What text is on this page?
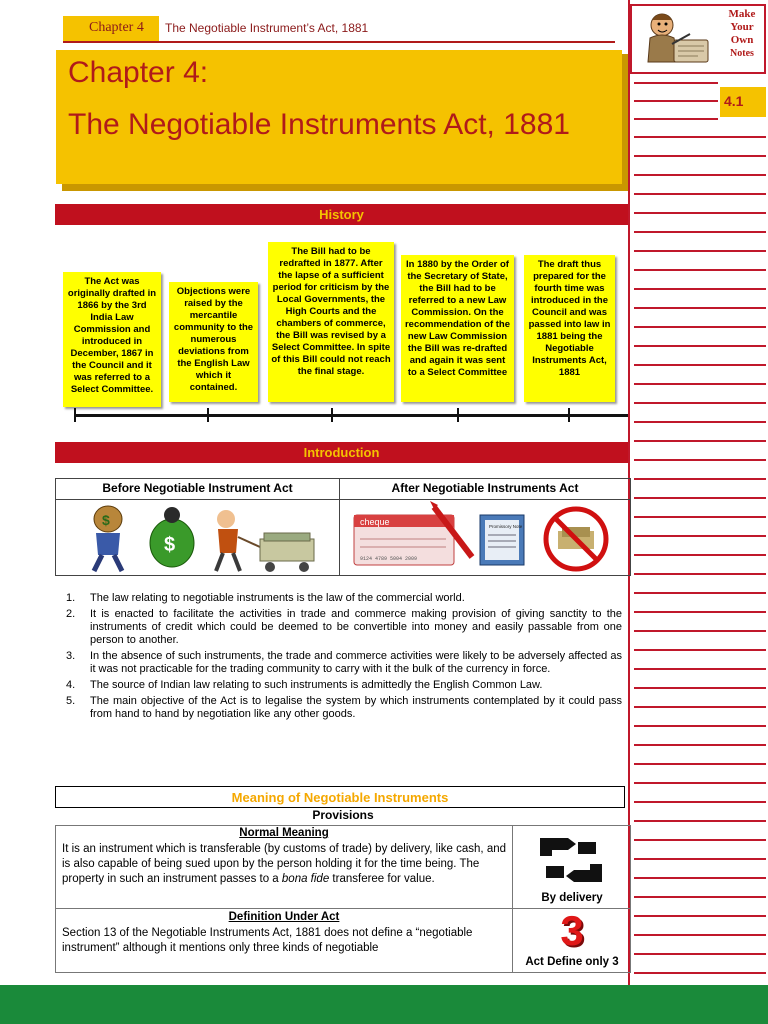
Chapter 4 The Negotiable Instrument’s Act, 1881
Chapter 4:
The Negotiable Instruments Act, 1881
Make
Your
Own
Notes
4.1
History
The Act was originally drafted in 1866 by the 3rd India Law Commission and introduced in December, 1867 in the Council and it was referred to a Select Committee.
Objections were raised by the mercantile community to the numerous deviations from the English Law which it contained.
The Bill had to be redrafted in 1877. After the lapse of a sufficient period for criticism by the Local Governments, the High Courts and the chambers of commerce, the Bill was revised by a Select Committee. In spite of this Bill could not reach the final stage.
In 1880 by the Order of the Secretary of State, the Bill had to be referred to a new Law Commission. On the recommendation of the new Law Commission the Bill was re-drafted and again it was sent to a Select Committee
The draft thus prepared for the fourth time was introduced in the Council and was passed into law in 1881 being the Negotiable Instruments Act, 1881
Introduction
Before Negotiable Instrument Act	After Negotiable Instruments Act
$
$
cheque
9124 4789 5004 2009
Promissory Note
1. The law relating to negotiable instruments is the law of the commercial world.
2. It is enacted to facilitate the activities in trade and commerce making provision of giving sanctity to the instruments of credit which could be deemed to be convertible into money and easily passable from one person to another.
3. In the absence of such instruments, the trade and commerce activities were likely to be adversely affected as it was not practicable for the trading community to carry with it the bulk of the currency in force.
4. The source of Indian law relating to such instruments is admittedly the English Common Law.
5. The main objective of the Act is to legalise the system by which instruments contemplated by it could pass from hand to hand by negotiation like any other goods.
Meaning of Negotiable Instruments
Provisions
Normal Meaning
It is an instrument which is transferable (by customs of trade) by delivery, like cash, and is also capable of being sued upon by the person holding it for the time being. The property in such an instrument passes to a bona fide transferee for value.
By delivery
Definition Under Act
Section 13 of the Negotiable Instruments Act, 1881 does not define a “negotiable instrument” although it mentions only three kinds of negotiable	3
Act Define only 3
